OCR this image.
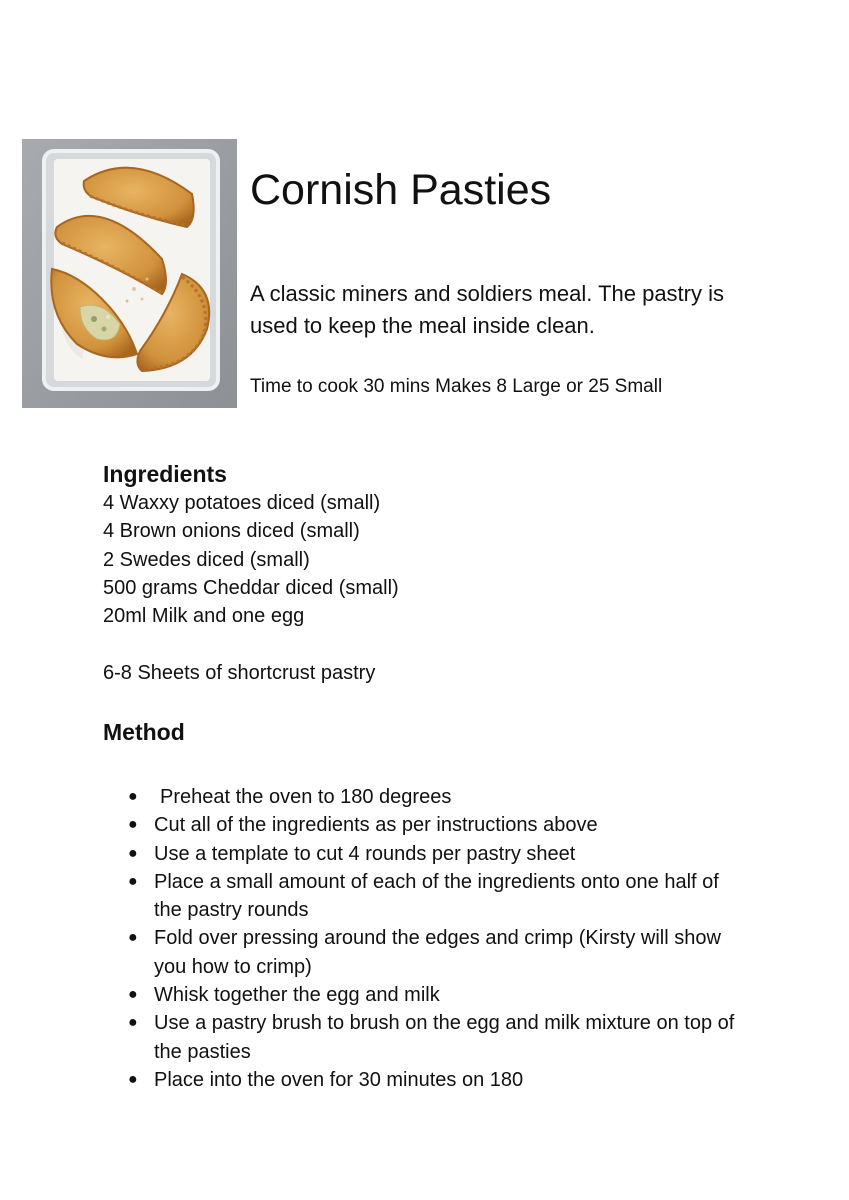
Cornish Pasties

A classic miners and soldiers meal. The pastry is used to keep the meal inside clean.

Time to cook 30 mins Makes 8 Large or 25 Small

Ingredients
4 Waxxy potatoes diced (small)
4 Brown onions diced (small)
2 Swedes diced (small)
500 grams Cheddar diced (small)
20ml Milk and one egg

6-8 Sheets of shortcrust pastry

Method
● Preheat the oven to 180 degrees
● Cut all of the ingredients as per instructions above
● Use a template to cut 4 rounds per pastry sheet
● Place a small amount of each of the ingredients onto one half of the pastry rounds
● Fold over pressing around the edges and crimp (Kirsty will show you how to crimp)
● Whisk together the egg and milk
● Use a pastry brush to brush on the egg and milk mixture on top of the pasties
● Place into the oven for 30 minutes on 180
